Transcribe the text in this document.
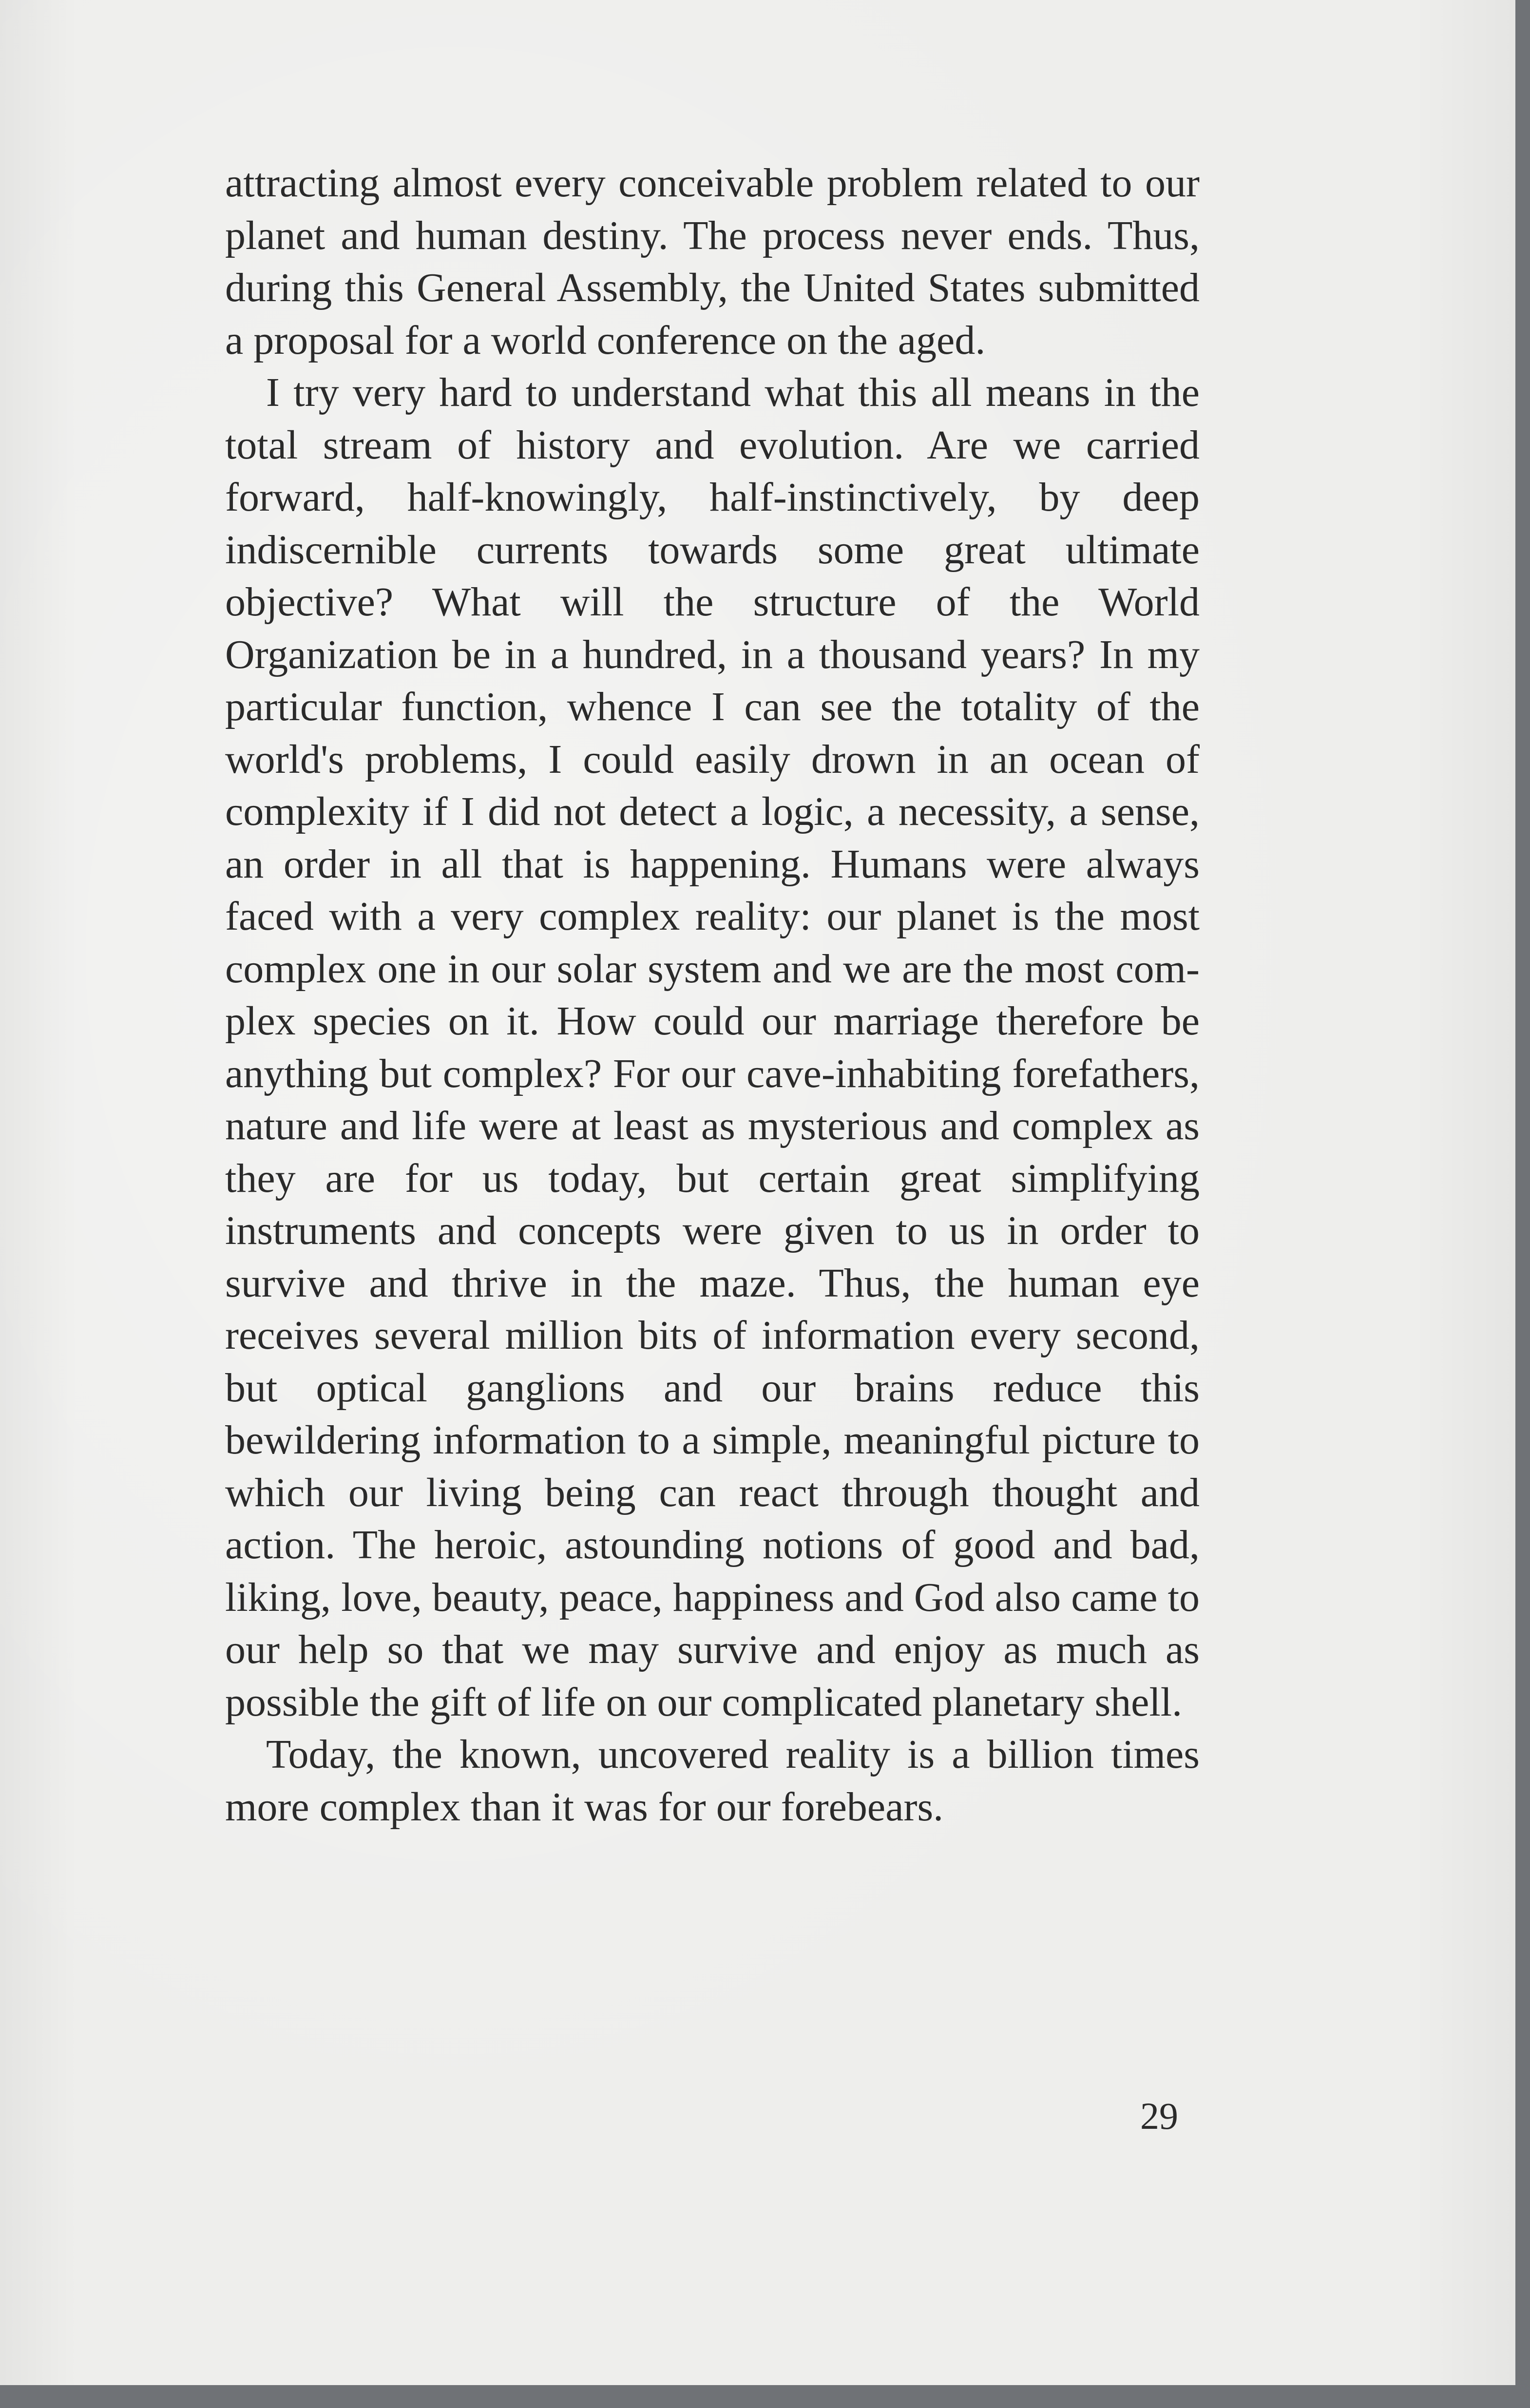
attracting almost every conceivable problem related to our planet and human destiny. The process never ends. Thus, during this General Assembly, the United States submitted a proposal for a world conference on the aged.

I try very hard to understand what this all means in the total stream of history and evolution. Are we carried forward, half-knowingly, half-instinctively, by deep indiscernible currents towards some great ultimate objective? What will the structure of the World Organization be in a hundred, in a thousand years? In my particular function, whence I can see the totality of the world's problems, I could easily drown in an ocean of complexity if I did not detect a logic, a necessity, a sense, an order in all that is happening. Humans were always faced with a very complex reality: our planet is the most complex one in our solar system and we are the most complex species on it. How could our marriage therefore be anything but complex? For our cave-inhabiting forefathers, nature and life were at least as mysterious and complex as they are for us today, but certain great simplifying instruments and concepts were given to us in order to survive and thrive in the maze. Thus, the human eye receives several million bits of information every second, but optical ganglions and our brains reduce this bewildering information to a simple, meaningful picture to which our living being can react through thought and action. The heroic, astounding notions of good and bad, liking, love, beauty, peace, happiness and God also came to our help so that we may survive and enjoy as much as possible the gift of life on our complicated planetary shell.

Today, the known, uncovered reality is a billion times more complex than it was for our forebears.

29
